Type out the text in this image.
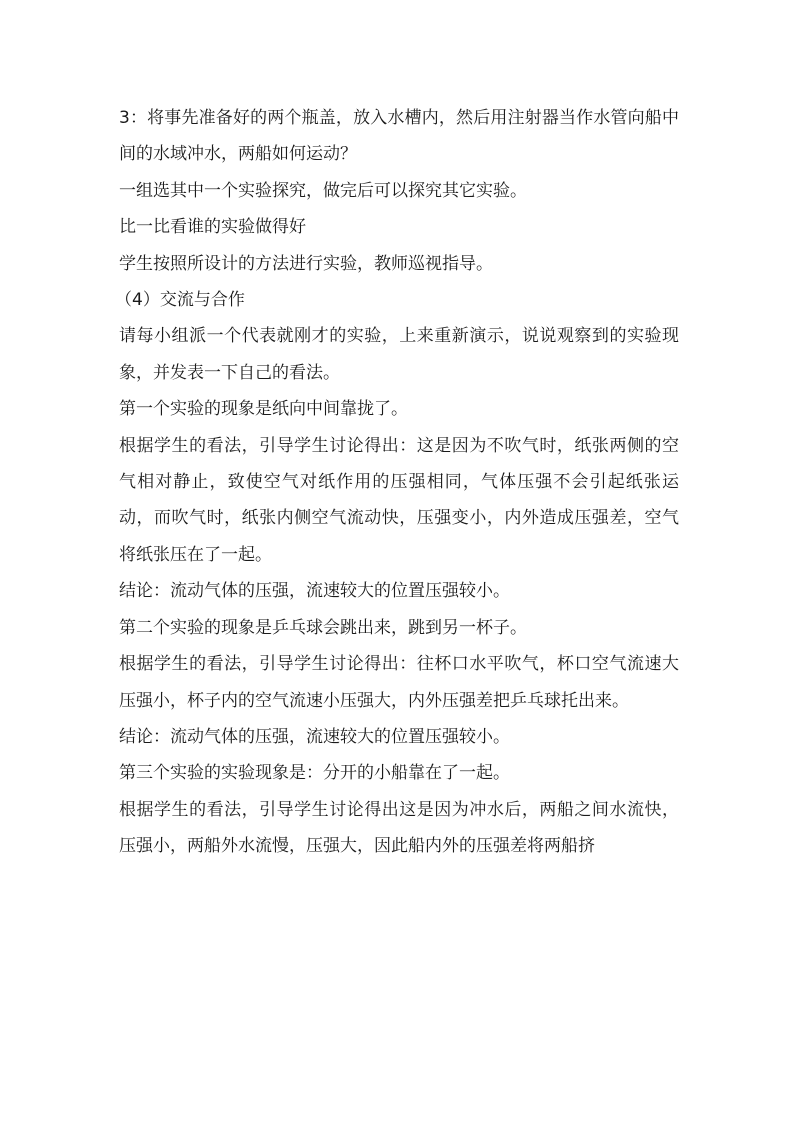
3：将事先准备好的两个瓶盖，放入水槽内，然后用注射器当作水管向船中间的水域冲水，两船如何运动？

一组选其中一个实验探究，做完后可以探究其它实验。

比一比看谁的实验做得好

学生按照所设计的方法进行实验，教师巡视指导。

（4）交流与合作

请每小组派一个代表就刚才的实验，上来重新演示，说说观察到的实验现象，并发表一下自己的看法。

第一个实验的现象是纸向中间靠拢了。

根据学生的看法，引导学生讨论得出：这是因为不吹气时，纸张两侧的空气相对静止，致使空气对纸作用的压强相同，气体压强不会引起纸张运动，而吹气时，纸张内侧空气流动快，压强变小，内外造成压强差，空气将纸张压在了一起。

结论：流动气体的压强，流速较大的位置压强较小。

第二个实验的现象是乒乓球会跳出来，跳到另一杯子。

根据学生的看法，引导学生讨论得出：往杯口水平吹气，杯口空气流速大压强小，杯子内的空气流速小压强大，内外压强差把乒乓球托出来。

结论：流动气体的压强，流速较大的位置压强较小。

第三个实验的实验现象是：分开的小船靠在了一起。

根据学生的看法，引导学生讨论得出这是因为冲水后，两船之间水流快，压强小，两船外水流慢，压强大，因此船内外的压强差将两船挤
